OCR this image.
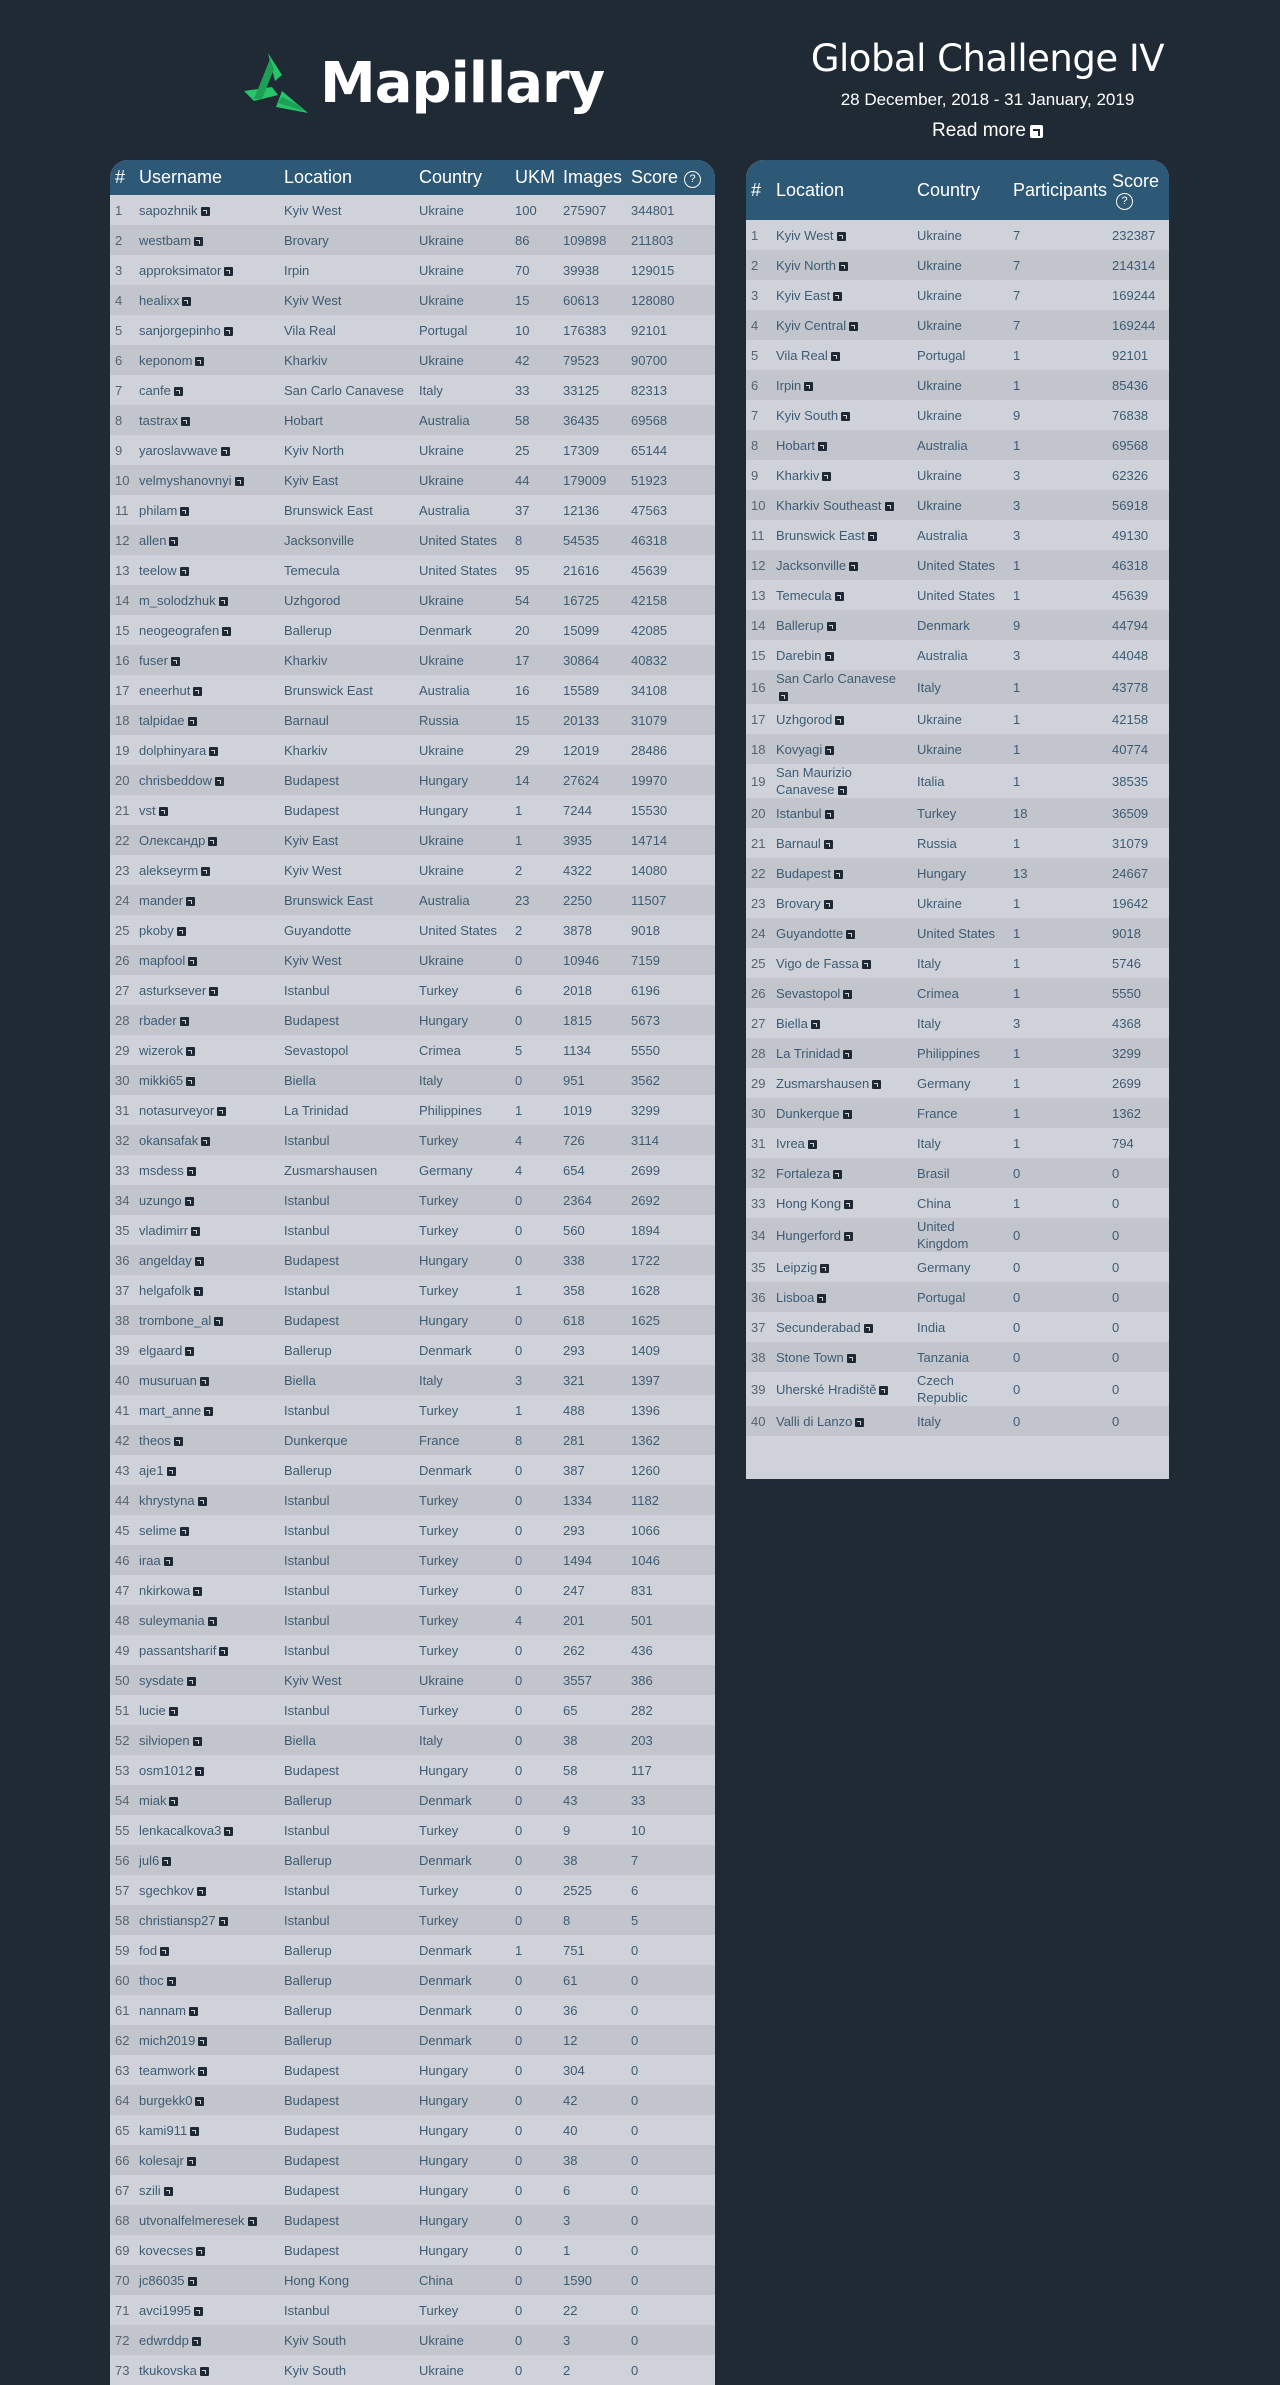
Mapillary	Global Challenge IV
28 December, 2018 - 31 January, 2019
Read more
#	Username	Location	Country	UKM	Images	Score ?
1	sapozhnik	Kyiv West	Ukraine	100	275907	344801
2	westbam	Brovary	Ukraine	86	109898	211803
3	approksimator	Irpin	Ukraine	70	39938	129015
4	healixx	Kyiv West	Ukraine	15	60613	128080
5	sanjorgepinho	Vila Real	Portugal	10	176383	92101
6	keponom	Kharkiv	Ukraine	42	79523	90700
7	canfe	San Carlo Canavese	Italy	33	33125	82313
8	tastrax	Hobart	Australia	58	36435	69568
9	yaroslavwave	Kyiv North	Ukraine	25	17309	65144
10	velmyshanovnyi	Kyiv East	Ukraine	44	179009	51923
11	philam	Brunswick East	Australia	37	12136	47563
12	allen	Jacksonville	United States	8	54535	46318
13	teelow	Temecula	United States	95	21616	45639
14	m_solodzhuk	Uzhgorod	Ukraine	54	16725	42158
15	neogeografen	Ballerup	Denmark	20	15099	42085
16	fuser	Kharkiv	Ukraine	17	30864	40832
17	eneerhut	Brunswick East	Australia	16	15589	34108
18	talpidae	Barnaul	Russia	15	20133	31079
19	dolphinyara	Kharkiv	Ukraine	29	12019	28486
20	chrisbeddow	Budapest	Hungary	14	27624	19970
21	vst	Budapest	Hungary	1	7244	15530
22	Олександр	Kyiv East	Ukraine	1	3935	14714
23	alekseyrm	Kyiv West	Ukraine	2	4322	14080
24	mander	Brunswick East	Australia	23	2250	11507
25	pkoby	Guyandotte	United States	2	3878	9018
26	mapfool	Kyiv West	Ukraine	0	10946	7159
27	asturksever	Istanbul	Turkey	6	2018	6196
28	rbader	Budapest	Hungary	0	1815	5673
29	wizerok	Sevastopol	Crimea	5	1134	5550
30	mikki65	Biella	Italy	0	951	3562
31	notasurveyor	La Trinidad	Philippines	1	1019	3299
32	okansafak	Istanbul	Turkey	4	726	3114
33	msdess	Zusmarshausen	Germany	4	654	2699
34	uzungo	Istanbul	Turkey	0	2364	2692
35	vladimirr	Istanbul	Turkey	0	560	1894
36	angelday	Budapest	Hungary	0	338	1722
37	helgafolk	Istanbul	Turkey	1	358	1628
38	trombone_al	Budapest	Hungary	0	618	1625
39	elgaard	Ballerup	Denmark	0	293	1409
40	musuruan	Biella	Italy	3	321	1397
41	mart_anne	Istanbul	Turkey	1	488	1396
42	theos	Dunkerque	France	8	281	1362
43	aje1	Ballerup	Denmark	0	387	1260
44	khrystyna	Istanbul	Turkey	0	1334	1182
45	selime	Istanbul	Turkey	0	293	1066
46	iraa	Istanbul	Turkey	0	1494	1046
47	nkirkowa	Istanbul	Turkey	0	247	831
48	suleymania	Istanbul	Turkey	4	201	501
49	passantsharif	Istanbul	Turkey	0	262	436
50	sysdate	Kyiv West	Ukraine	0	3557	386
51	lucie	Istanbul	Turkey	0	65	282
52	silviopen	Biella	Italy	0	38	203
53	osm1012	Budapest	Hungary	0	58	117
54	miak	Ballerup	Denmark	0	43	33
55	lenkacalkova3	Istanbul	Turkey	0	9	10
56	jul6	Ballerup	Denmark	0	38	7
57	sgechkov	Istanbul	Turkey	0	2525	6
58	christiansp27	Istanbul	Turkey	0	8	5
59	fod	Ballerup	Denmark	1	751	0
60	thoc	Ballerup	Denmark	0	61	0
61	nannam	Ballerup	Denmark	0	36	0
62	mich2019	Ballerup	Denmark	0	12	0
63	teamwork	Budapest	Hungary	0	304	0
64	burgekk0	Budapest	Hungary	0	42	0
65	kami911	Budapest	Hungary	0	40	0
66	kolesajr	Budapest	Hungary	0	38	0
67	szili	Budapest	Hungary	0	6	0
68	utvonalfelmeresek	Budapest	Hungary	0	3	0
69	kovecses	Budapest	Hungary	0	1	0
70	jc86035	Hong Kong	China	0	1590	0
71	avci1995	Istanbul	Turkey	0	22	0
72	edwrddp	Kyiv South	Ukraine	0	3	0
73	tkukovska	Kyiv South	Ukraine	0	2	0
#	Location	Country	Participants	Score
?

1	Kyiv West	Ukraine	7	232387
2	Kyiv North	Ukraine	7	214314
3	Kyiv East	Ukraine	7	169244
4	Kyiv Central	Ukraine	7	169244
5	Vila Real	Portugal	1	92101
6	Irpin	Ukraine	1	85436
7	Kyiv South	Ukraine	9	76838
8	Hobart	Australia	1	69568
9	Kharkiv	Ukraine	3	62326
10	Kharkiv Southeast	Ukraine	3	56918
11	Brunswick East	Australia	3	49130
12	Jacksonville	United States	1	46318
13	Temecula	United States	1	45639
14	Ballerup	Denmark	9	44794
15	Darebin	Australia	3	44048
16	San Carlo Canavese	Italy	1	43778
17	Uzhgorod	Ukraine	1	42158
18	Kovyagi	Ukraine	1	40774
19	San Maurizio Canavese	Italia	1	38535
20	Istanbul	Turkey	18	36509
21	Barnaul	Russia	1	31079
22	Budapest	Hungary	13	24667
23	Brovary	Ukraine	1	19642
24	Guyandotte	United States	1	9018
25	Vigo de Fassa	Italy	1	5746
26	Sevastopol	Crimea	1	5550
27	Biella	Italy	3	4368
28	La Trinidad	Philippines	1	3299
29	Zusmarshausen	Germany	1	2699
30	Dunkerque	France	1	1362
31	Ivrea	Italy	1	794
32	Fortaleza	Brasil	0	0
33	Hong Kong	China	1	0
34	Hungerford	United Kingdom	0	0
35	Leipzig	Germany	0	0
36	Lisboa	Portugal	0	0
37	Secunderabad	India	0	0
38	Stone Town	Tanzania	0	0
39	Uherské Hradiště	Czech Republic	0	0
40	Valli di Lanzo	Italy	0	0
